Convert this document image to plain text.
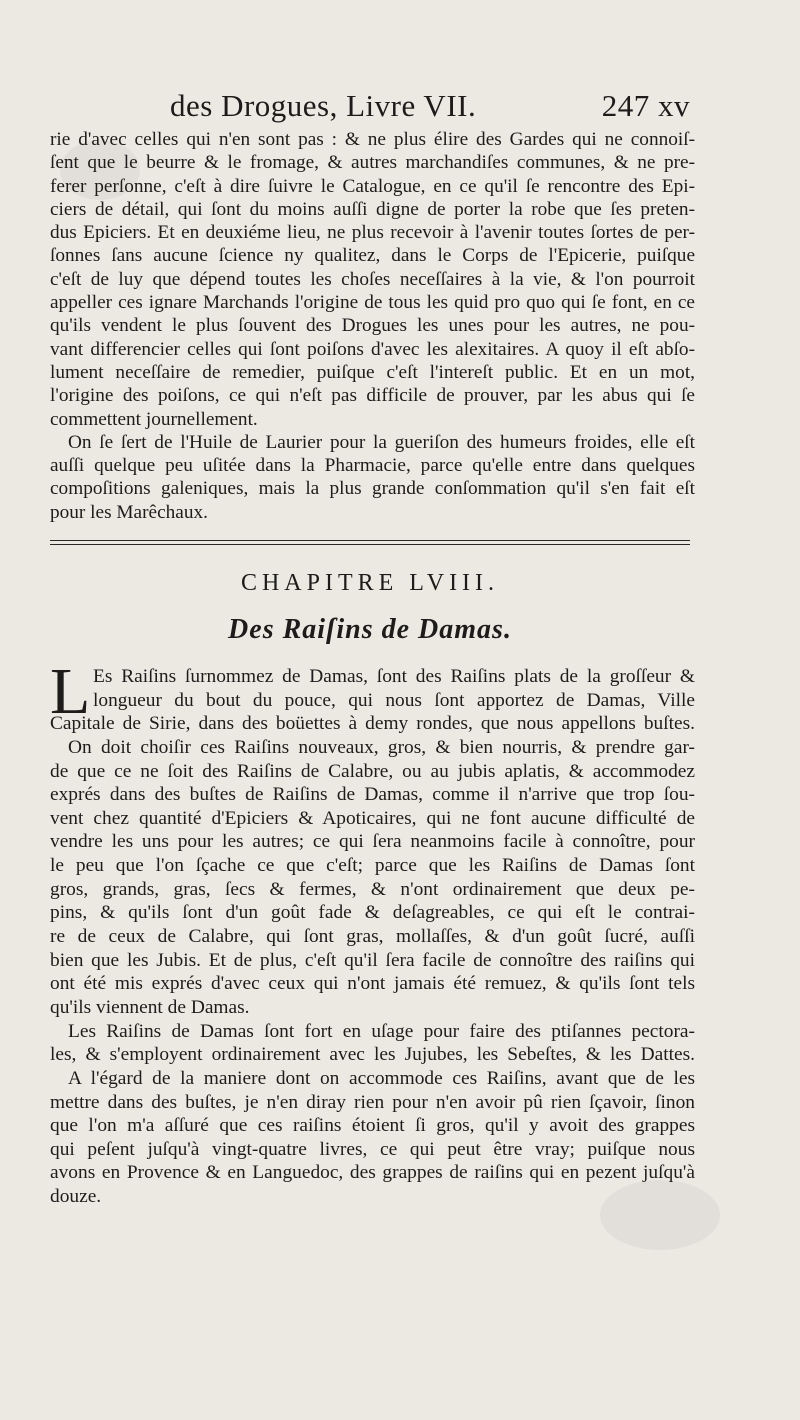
des Drogues, Livre VII.	247 xv
rie d'avec celles qui n'en sont pas : & ne plus élire des Gardes qui ne connoiſ-
ſent que le beurre & le fromage, & autres marchandiſes communes, & ne pre-
ferer perſonne, c'eſt à dire ſuivre le Catalogue, en ce qu'il ſe rencontre des Epi-
ciers de détail, qui ſont du moins auſſi digne de porter la robe que ſes preten-
dus Epiciers. Et en deuxiéme lieu, ne plus recevoir à l'avenir toutes ſortes de per-
ſonnes ſans aucune ſcience ny qualitez, dans le Corps de l'Epicerie, puiſque
c'eſt de luy que dépend toutes les choſes neceſſaires à la vie, & l'on pourroit
appeller ces ignare Marchands l'origine de tous les quid pro quo qui ſe font, en ce
qu'ils vendent le plus ſouvent des Drogues les unes pour les autres, ne pou-
vant differencier celles qui ſont poiſons d'avec les alexitaires. A quoy il eſt abſo-
lument neceſſaire de remedier, puiſque c'eſt l'intereſt public. Et en un mot,
l'origine des poiſons, ce qui n'eſt pas difficile de prouver, par les abus qui ſe
commettent journellement.
On ſe ſert de l'Huile de Laurier pour la gueriſon des humeurs froides, elle eſt
auſſi quelque peu uſitée dans la Pharmacie, parce qu'elle entre dans quelques
compoſitions galeniques, mais la plus grande conſommation qu'il s'en fait eſt
pour les Marêchaux.
CHAPITRE LVIII.
Des Raiſins de Damas.
L Es Raiſins ſurnommez de Damas, ſont des Raiſins plats de la groſſeur &
longueur du bout du pouce, qui nous ſont apportez de Damas, Ville
Capitale de Sirie, dans des boüettes à demy rondes, que nous appellons buſtes.
On doit choiſir ces Raiſins nouveaux, gros, & bien nourris, & prendre gar-
de que ce ne ſoit des Raiſins de Calabre, ou au jubis aplatis, & accommodez
exprés dans des buſtes de Raiſins de Damas, comme il n'arrive que trop ſou-
vent chez quantité d'Epiciers & Apoticaires, qui ne font aucune difficulté de
vendre les uns pour les autres; ce qui ſera neanmoins facile à connoître, pour
le peu que l'on ſçache ce que c'eſt; parce que les Raiſins de Damas ſont
gros, grands, gras, ſecs & fermes, & n'ont ordinairement que deux pe-
pins, & qu'ils ſont d'un goût fade & deſagreables, ce qui eſt le contrai-
re de ceux de Calabre, qui ſont gras, mollaſſes, & d'un goût ſucré, auſſi
bien que les Jubis. Et de plus, c'eſt qu'il ſera facile de connoître des raiſins qui
ont été mis exprés d'avec ceux qui n'ont jamais été remuez, & qu'ils ſont tels
qu'ils viennent de Damas.
Les Raiſins de Damas ſont fort en uſage pour faire des ptiſannes pectora-
les, & s'employent ordinairement avec les Jujubes, les Sebeſtes, & les Dattes.
A l'égard de la maniere dont on accommode ces Raiſins, avant que de les
mettre dans des buſtes, je n'en diray rien pour n'en avoir pû rien ſçavoir, ſinon
que l'on m'a aſſuré que ces raiſins étoient ſi gros, qu'il y avoit des grappes
qui peſent juſqu'à vingt-quatre livres, ce qui peut être vray; puiſque nous
avons en Provence & en Languedoc, des grappes de raiſins qui en pezent juſqu'à
douze.
